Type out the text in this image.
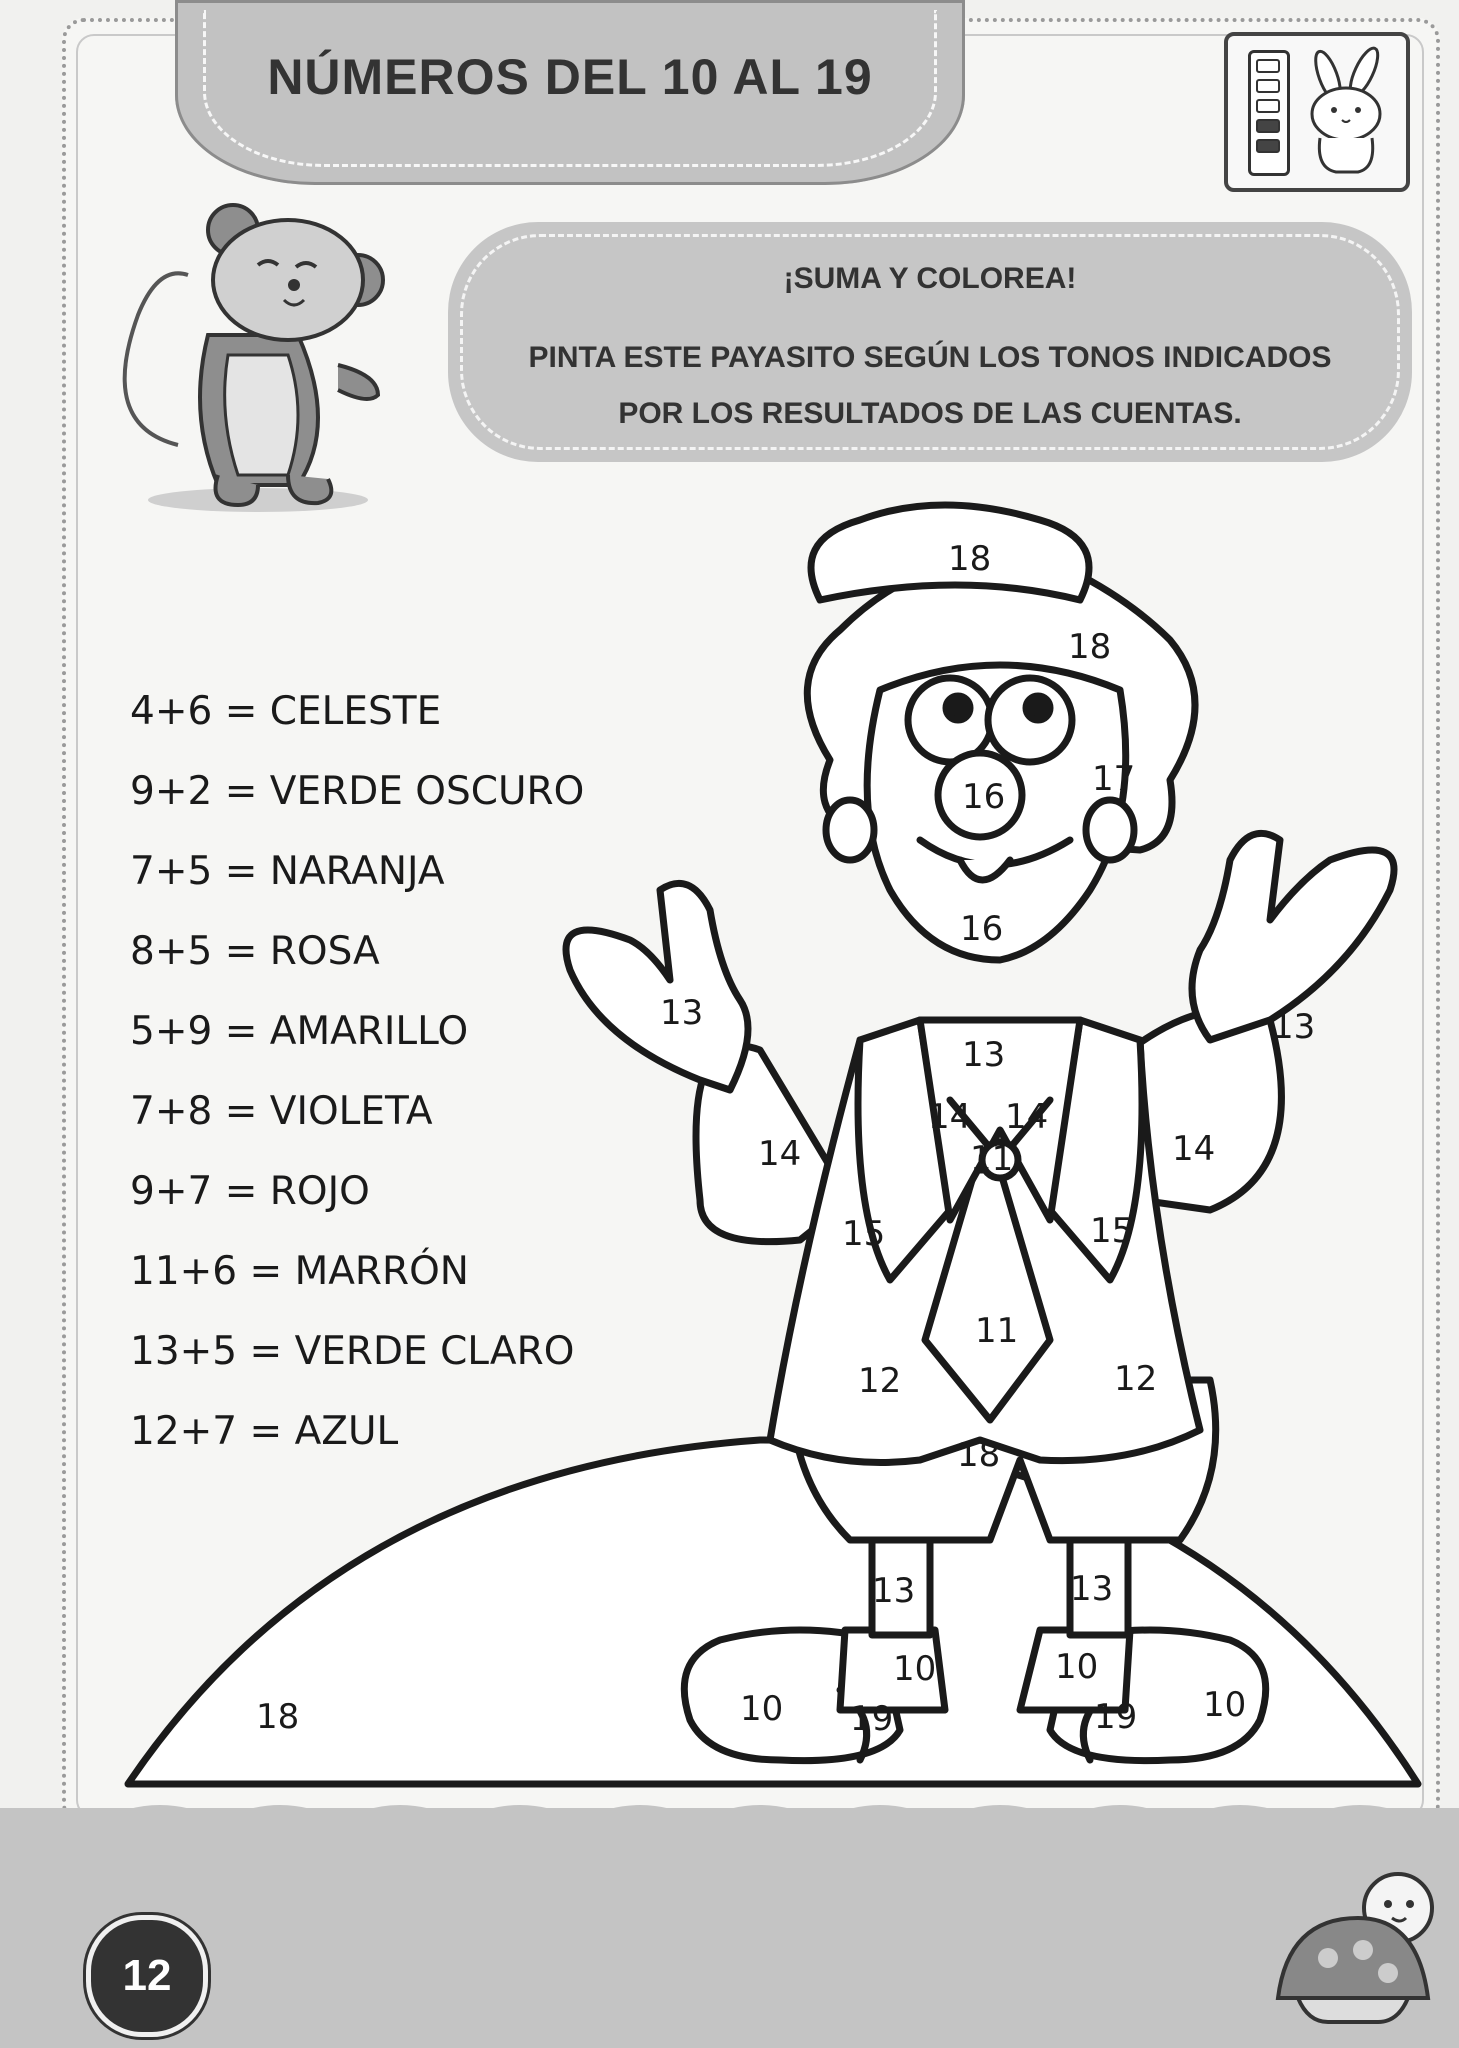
NÚMEROS DEL 10 AL 19
¡SUMA Y COLOREA!
PINTA ESTE PAYASITO SEGÚN LOS TONOS INDICADOS
POR LOS RESULTADOS DE LAS CUENTAS.
4+6 = CELESTE
9+2 = VERDE OSCURO
7+5 = NARANJA
8+5 = ROSA
5+9 = AMARILLO
7+8 = VIOLETA
9+7 = ROJO
11+6 = MARRÓN
13+5 = VERDE CLARO
12+7 = AZUL
18
18
17
16
16
13	13
13
14 14
11
14	14
15	15
11
12	12
18
13	13
10	10
10	10
19	19
18
12
